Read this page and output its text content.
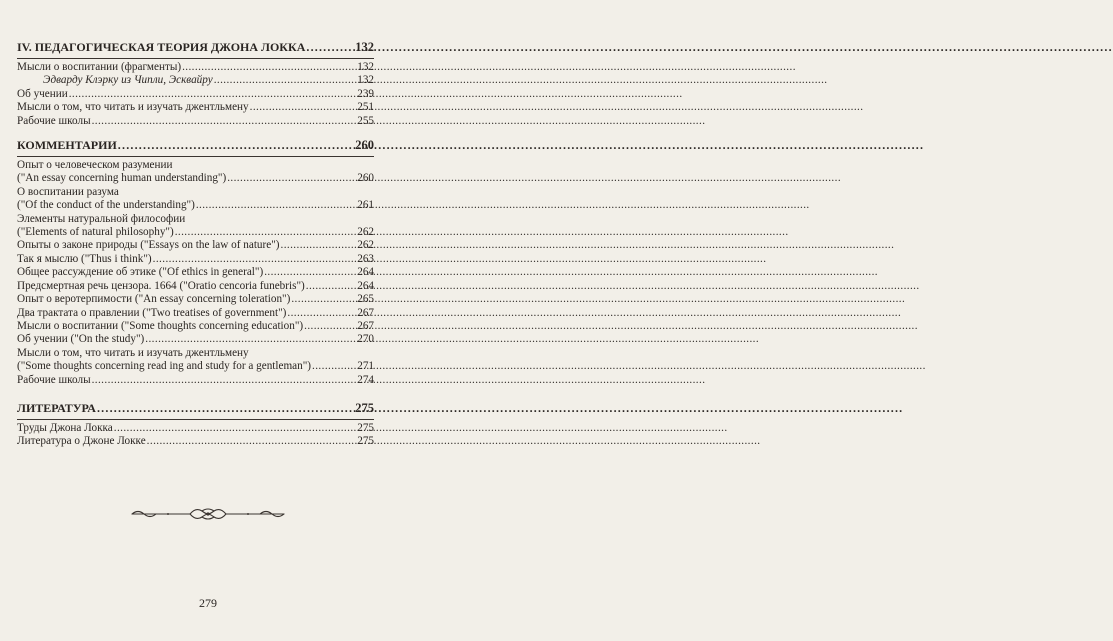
IV. ПЕДАГОГИЧЕСКАЯ ТЕОРИЯ ДЖОНА ЛОККА .....	132
Мысли о воспитании (фрагменты) .....	132
Эдварду Клэрку из Чипли, Эсквайру .....	132
Об учении .....	239
Мысли о том, что читать и изучать джентльмену .....	251
Рабочие школы .....	255
КОММЕНТАРИИ .....	260
Опыт о человеческом разумении
("An essay concerning human understanding") .....	260
О воспитании разума
("Of the conduct of the understanding") .....	261
Элементы натуральной философии
("Elements of natural philosophy") .....	262
Опыты о законе природы ("Essays on the law of nature") .....	262
Так я мыслю ("Thus i think") .....	263
Общее рассуждение об этике ("Of ethics in general") .....	264
Предсмертная речь цензора. 1664 ("Oratio cencoria funebris") .....	264
Опыт о веротерпимости ("An essay concerning toleration") .....	265
Два трактата о правлении ("Two treatises of government") .....	267
Мысли о воспитании ("Some thoughts concerning education") .....	267
Об учении ("On the study") .....	270
Мысли о том, что читать и изучать джентльмену
("Some thoughts concerning read ing and study for a gentleman") .....	271
Рабочие школы .....	274
ЛИТЕРАТУРА .....	275
Труды Джона Локка .....	275
Литература о Джоне Локке .....	275
279
